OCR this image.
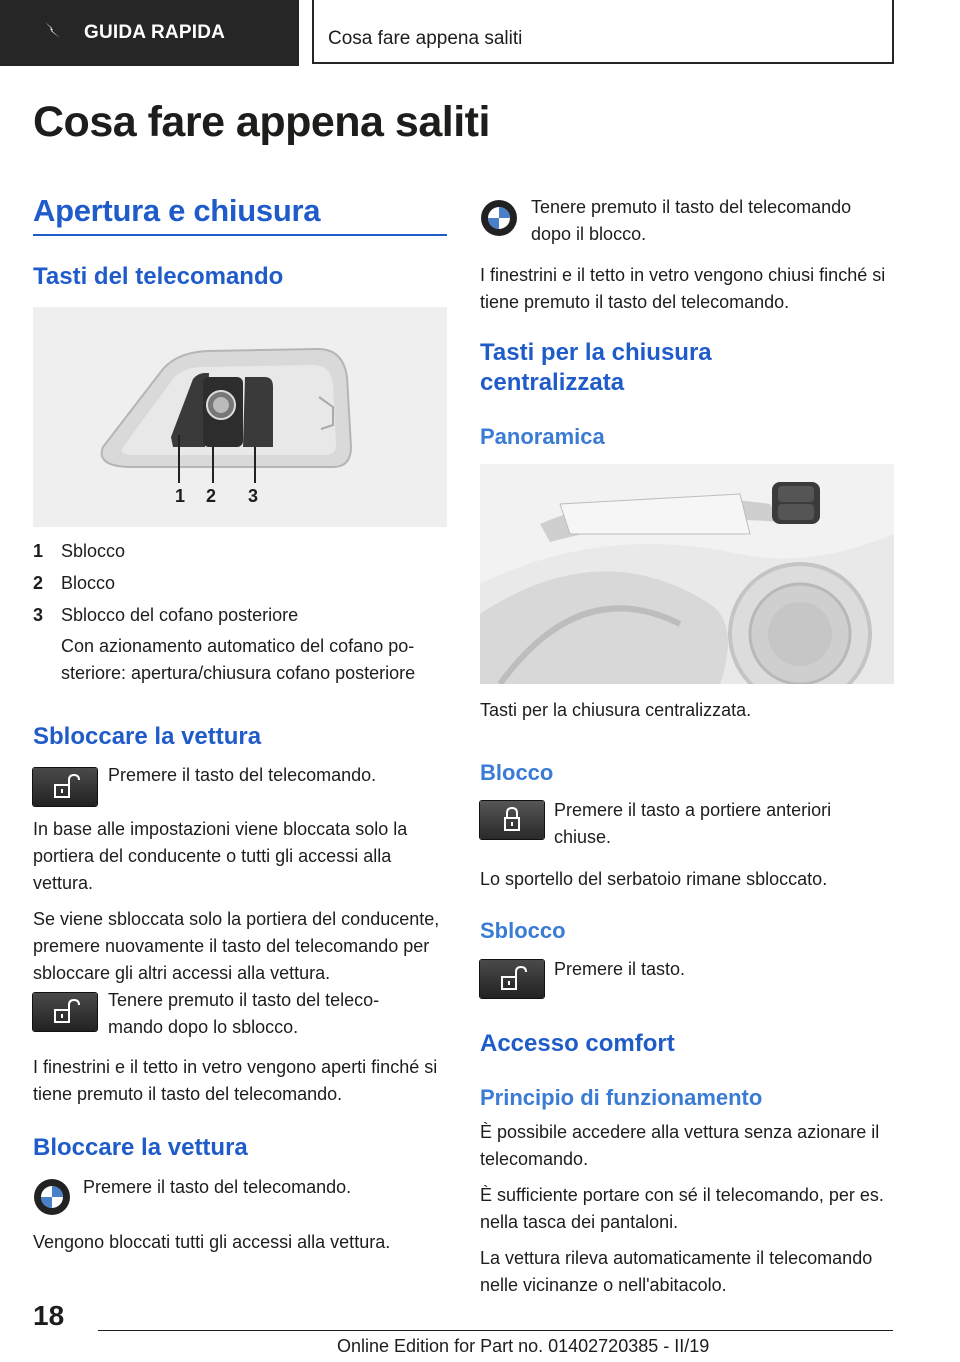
GUIDA RAPIDA	Cosa fare appena saliti
Cosa fare appena saliti
Apertura e chiusura
Tasti del telecomando
1 2 3
1 Sblocco
2 Blocco
3 Sblocco del cofano posteriore
Con azionamento automatico del cofano po-
steriore: apertura/chiusura cofano posteriore
Sbloccare la vettura
Premere il tasto del telecomando.

In base alle impostazioni viene bloccata solo la portiera del conducente o tutti gli accessi alla vettura.

Se viene sbloccata solo la portiera del conducente, premere nuovamente il tasto del telecomando per sbloccare gli altri accessi alla vettura.

Tenere premuto il tasto del teleco-
mando dopo lo sblocco.
I finestrini e il tetto in vetro vengono aperti finché si tiene premuto il tasto del telecomando.
Bloccare la vettura
Premere il tasto del telecomando.
Vengono bloccati tutti gli accessi alla vettura.
Tenere premuto il tasto del telecomando
dopo il blocco.
I finestrini e il tetto in vetro vengono chiusi finché si tiene premuto il tasto del telecomando.
Tasti per la chiusura
centralizzata
Panoramica
Tasti per la chiusura centralizzata.
Blocco
Premere il tasto a portiere anteriori
chiuse.
Lo sportello del serbatoio rimane sbloccato.
Sblocco
Premere il tasto.
Accesso comfort
Principio di funzionamento

È possibile accedere alla vettura senza azionare il telecomando.

È sufficiente portare con sé il telecomando, per es. nella tasca dei pantaloni.

La vettura rileva automaticamente il telecomando nelle vicinanze o nell'abitacolo.

18
Online Edition for Part no. 01402720385 - II/19
